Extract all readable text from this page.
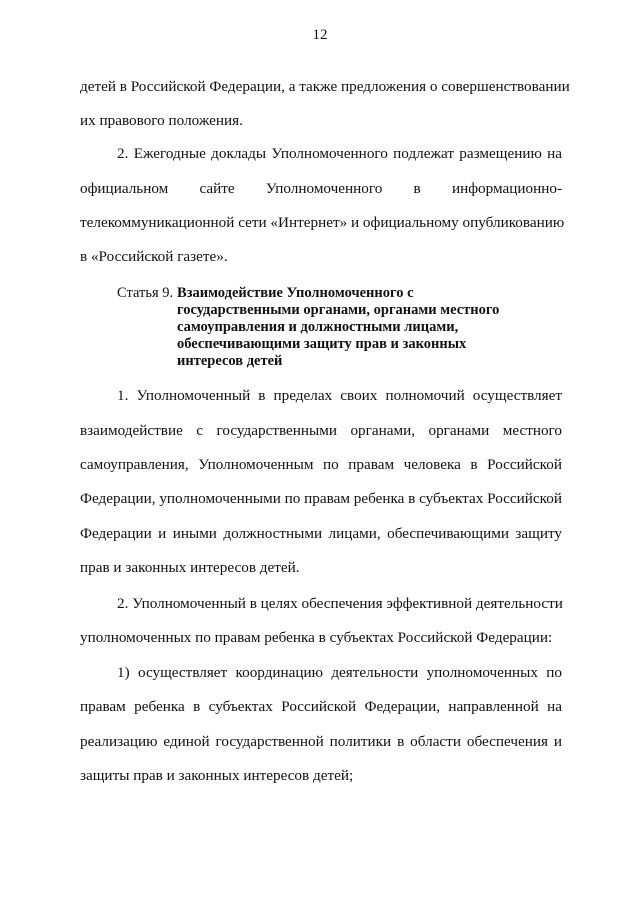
12
детей в Российской Федерации, а также предложения о совершенствовании
их правового положения.
2. Ежегодные доклады Уполномоченного подлежат размещению на
официальном сайте Уполномоченного в информационно-
телекоммуникационной сети «Интернет» и официальному опубликованию
в «Российской газете».
Статья 9. Взаимодействие Уполномоченного с
государственными органами, органами местного
самоуправления и должностными лицами,
обеспечивающими защиту прав и законных
интересов детей
1. Уполномоченный в пределах своих полномочий осуществляет
взаимодействие с государственными органами, органами местного
самоуправления, Уполномоченным по правам человека в Российской
Федерации, уполномоченными по правам ребенка в субъектах Российской
Федерации и иными должностными лицами, обеспечивающими защиту
прав и законных интересов детей.
2. Уполномоченный в целях обеспечения эффективной деятельности
уполномоченных по правам ребенка в субъектах Российской Федерации:
1) осуществляет координацию деятельности уполномоченных по
правам ребенка в субъектах Российской Федерации, направленной на
реализацию единой государственной политики в области обеспечения и
защиты прав и законных интересов детей;
